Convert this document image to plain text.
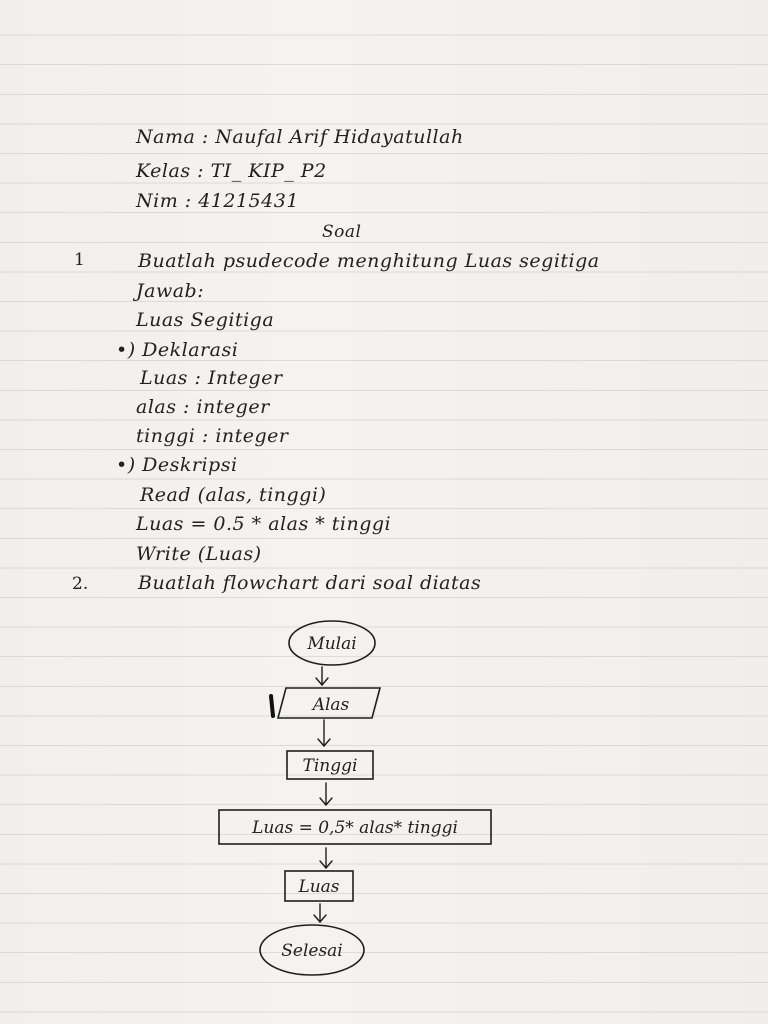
Nama : Naufal Arif Hidayatullah
Kelas : TI_ KIP_ P2
Nim : 41215431
Soal
1	Buatlah psudecode menghitung Luas segitiga
Jawab:
Luas Segitiga
•) Deklarasi
Luas : Integer
alas : integer
tinggi : integer
•) Deskripsi
Read (alas, tinggi)
Luas = 0.5 * alas * tinggi
Write (Luas)
2.	Buatlah flowchart dari soal diatas
Mulai
Alas
Tinggi
Luas = 0,5* alas* tinggi
Luas
Selesai
